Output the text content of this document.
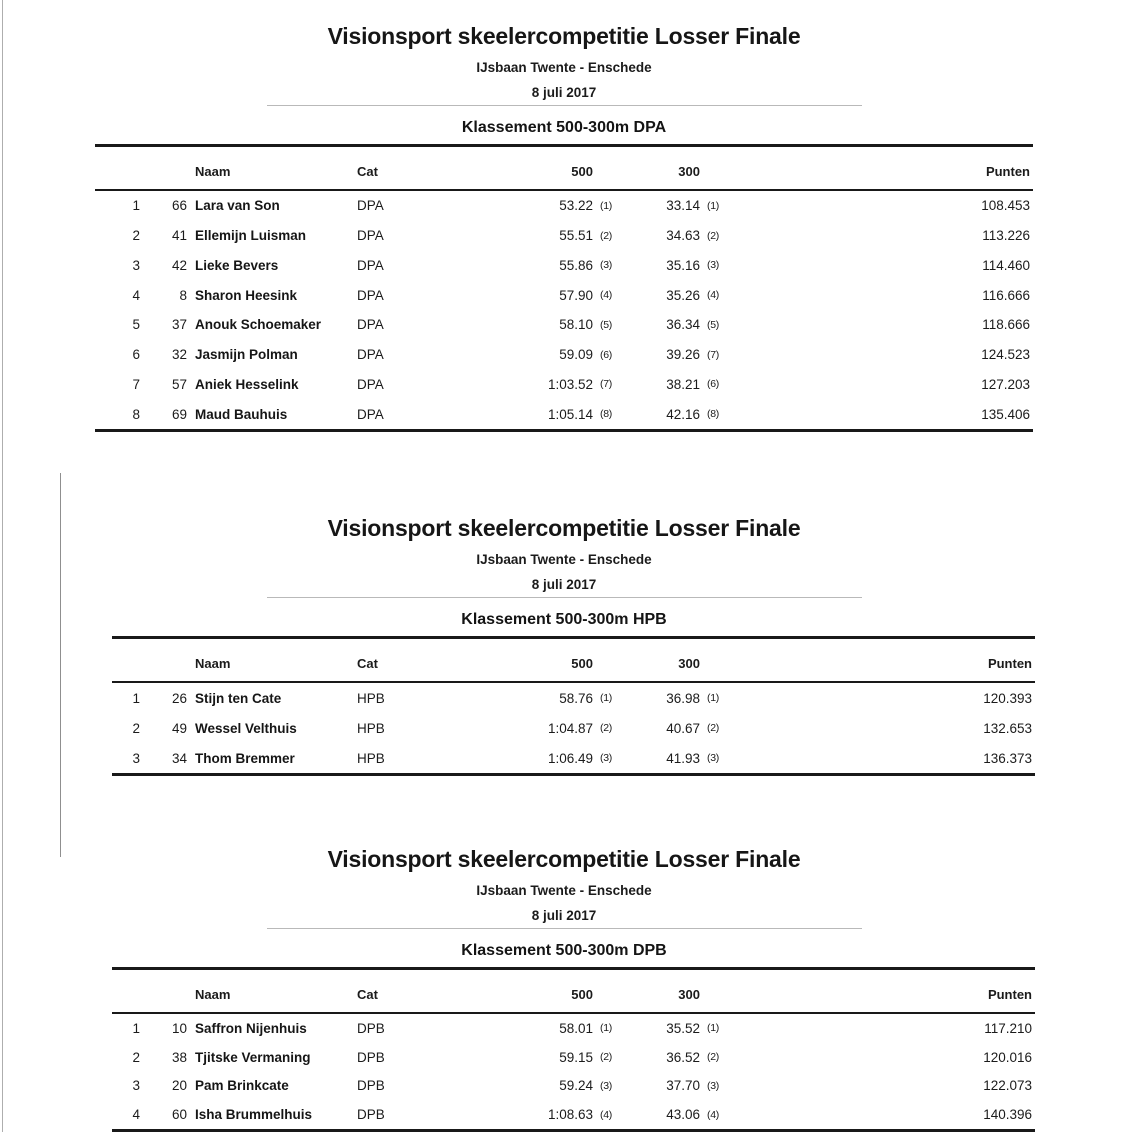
Visionsport skeelercompetitie Losser Finale
IJsbaan Twente - Enschede
8 juli 2017
Klassement 500-300m DPA
Naam	Cat	500	300	Punten
1	66 Lara van Son	DPA	53.22 (1)	33.14 (1)	108.453
2	41 Ellemijn Luisman	DPA	55.51 (2)	34.63 (2)	113.226
3	42 Lieke Bevers	DPA	55.86 (3)	35.16 (3)	114.460
4	8 Sharon Heesink	DPA	57.90 (4)	35.26 (4)	116.666
5	37 Anouk Schoemaker	DPA	58.10 (5)	36.34 (5)	118.666
6	32 Jasmijn Polman	DPA	59.09 (6)	39.26 (7)	124.523
7	57 Aniek Hesselink	DPA	1:03.52 (7)	38.21 (6)	127.203
8	69 Maud Bauhuis	DPA	1:05.14 (8)	42.16 (8)	135.406
Visionsport skeelercompetitie Losser Finale
IJsbaan Twente - Enschede
8 juli 2017
Klassement 500-300m HPB
Naam	Cat	500	300	Punten
1	26 Stijn ten Cate	HPB	58.76 (1)	36.98 (1)	120.393
2	49 Wessel Velthuis	HPB	1:04.87 (2)	40.67 (2)	132.653
3	34 Thom Bremmer	HPB	1:06.49 (3)	41.93 (3)	136.373
Visionsport skeelercompetitie Losser Finale
IJsbaan Twente - Enschede
8 juli 2017
Klassement 500-300m DPB
Naam	Cat	500	300	Punten
1	10 Saffron Nijenhuis	DPB	58.01 (1)	35.52 (1)	117.210
2	38 Tjitske Vermaning	DPB	59.15 (2)	36.52 (2)	120.016
3	20 Pam Brinkcate	DPB	59.24 (3)	37.70 (3)	122.073
4	60 Isha Brummelhuis	DPB	1:08.63 (4)	43.06 (4)	140.396
